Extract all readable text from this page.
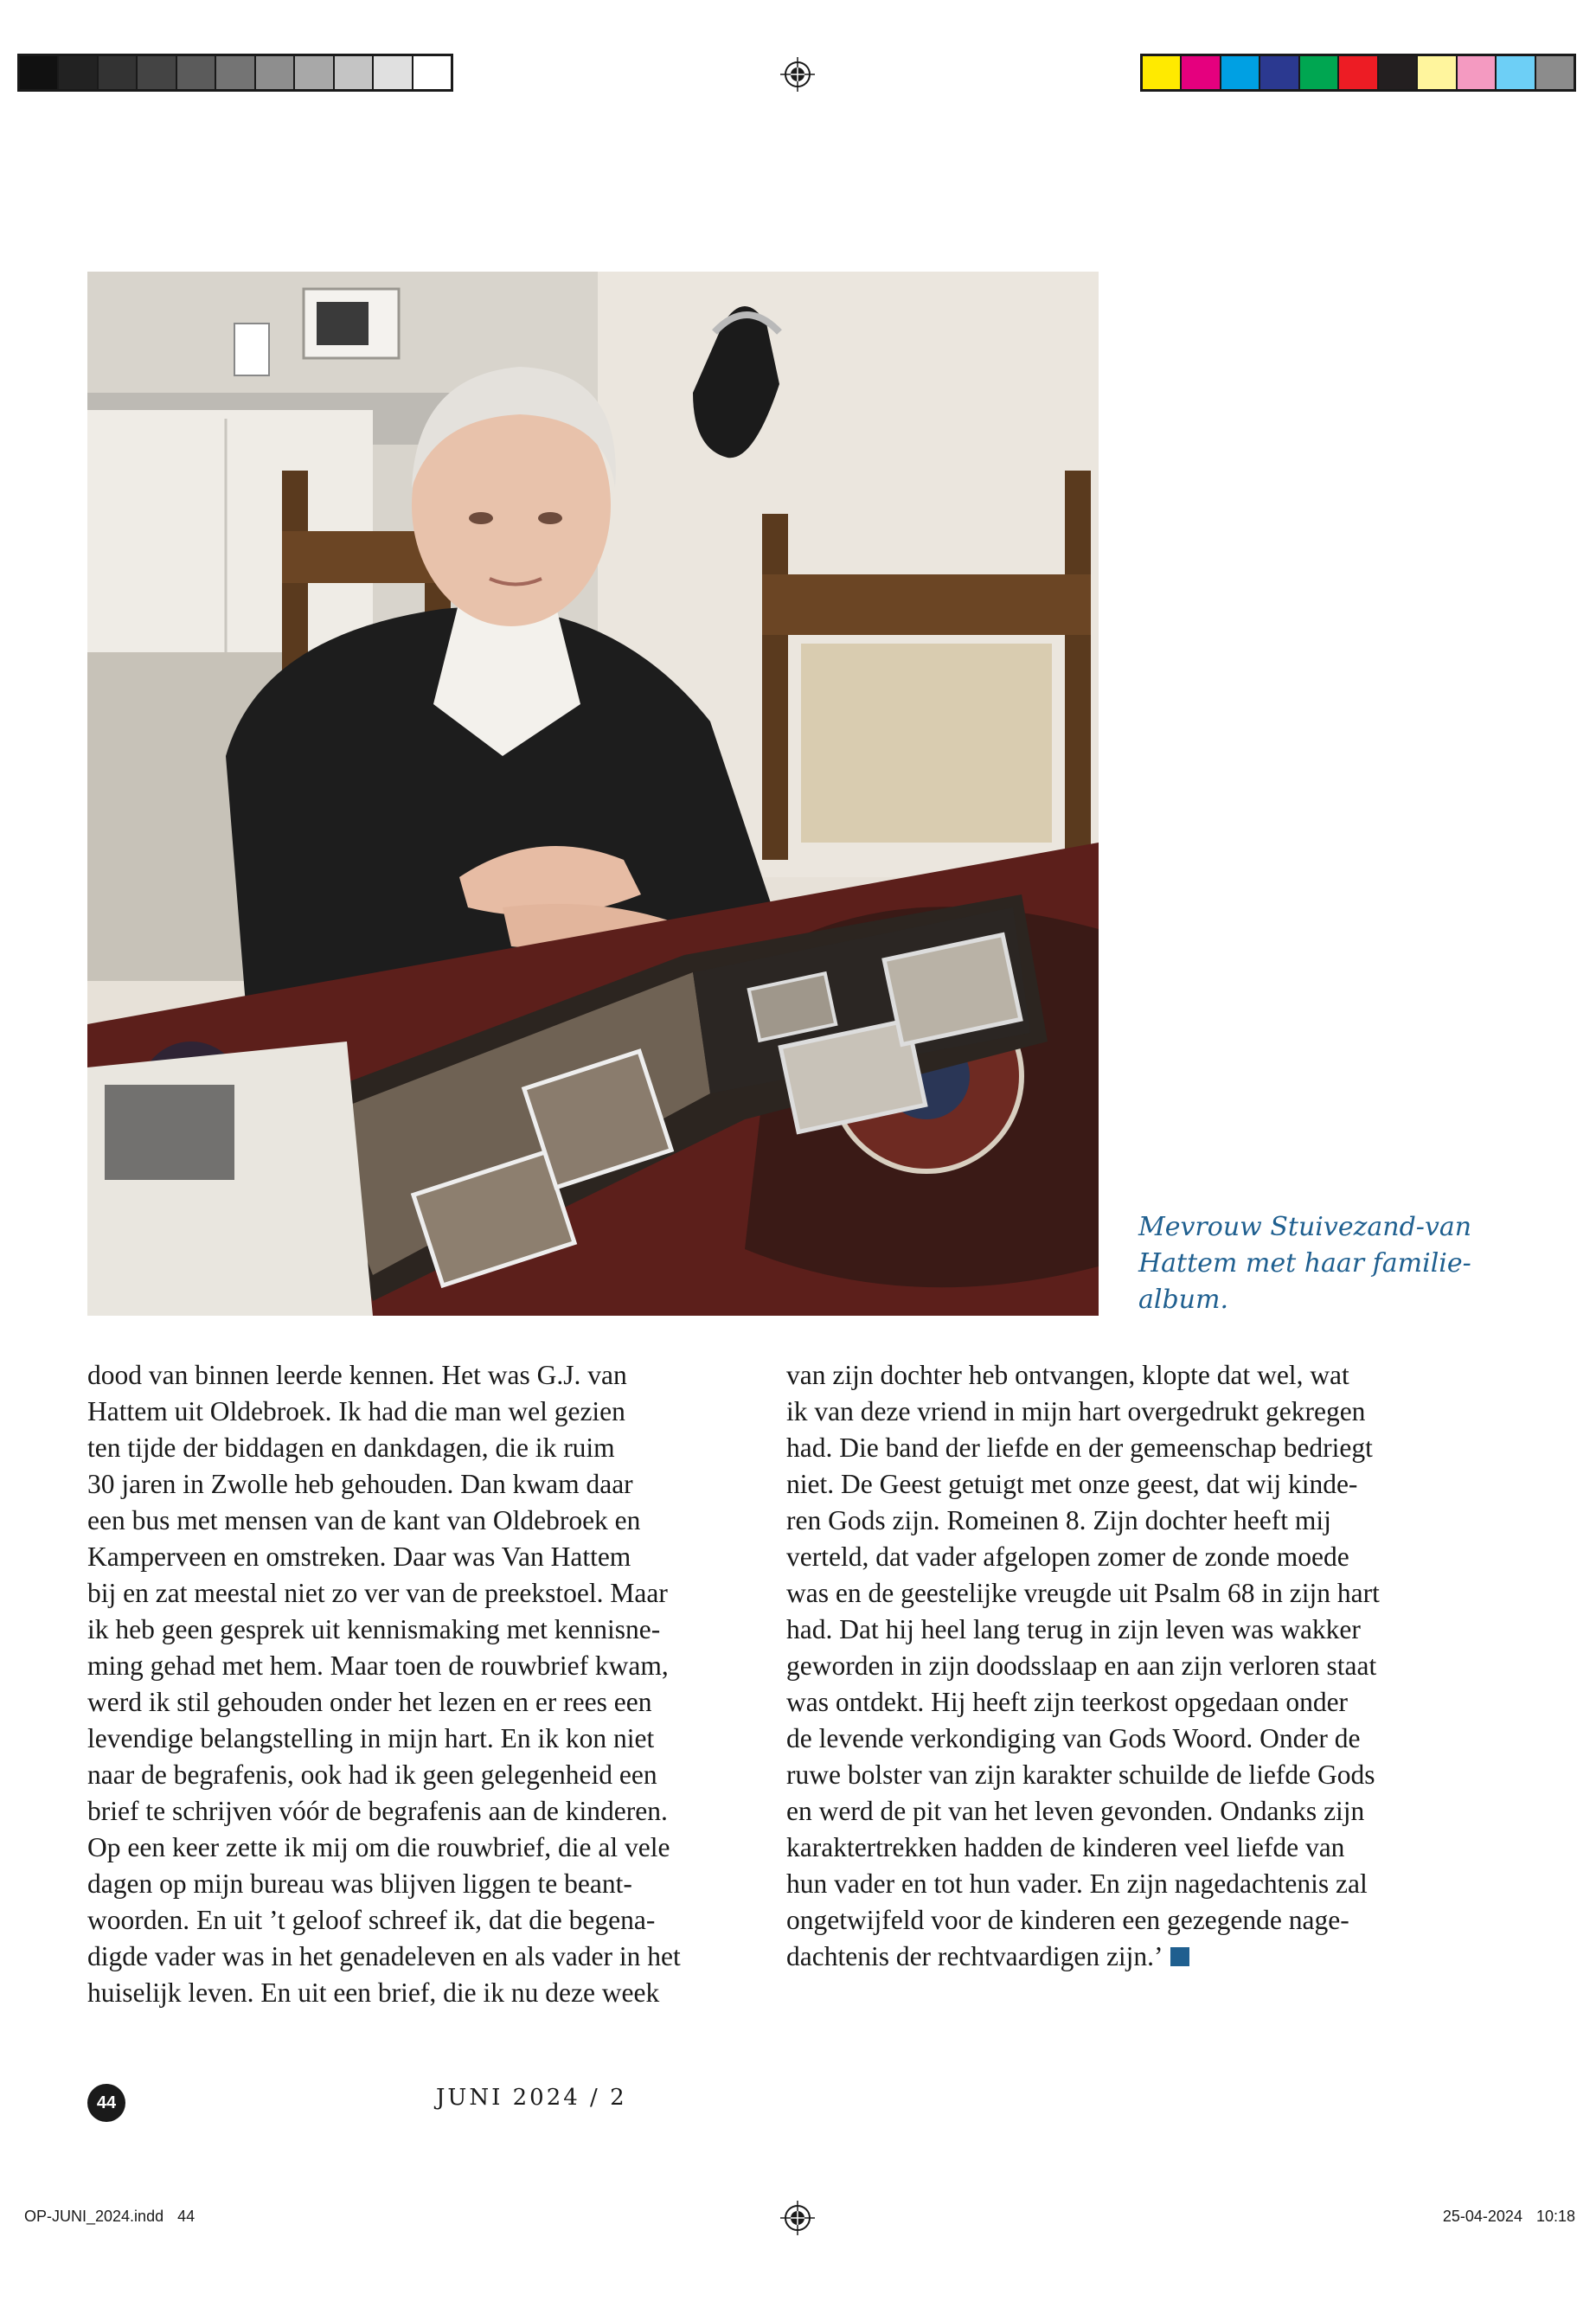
Mevrouw Stuivezand-van
Hattem met haar familie-
album.
dood van binnen leerde kennen. Het was G.J. van
Hattem uit Oldebroek. Ik had die man wel gezien
ten tijde der biddagen en dankdagen, die ik ruim
30 jaren in Zwolle heb gehouden. Dan kwam daar
een bus met mensen van de kant van Oldebroek en
Kamperveen en omstreken. Daar was Van Hattem
bij en zat meestal niet zo ver van de preekstoel. Maar
ik heb geen gesprek uit kennismaking met kennisne-
ming gehad met hem. Maar toen de rouwbrief kwam,
werd ik stil gehouden onder het lezen en er rees een
levendige belangstelling in mijn hart. En ik kon niet
naar de begrafenis, ook had ik geen gelegenheid een
brief te schrijven vóór de begrafenis aan de kinderen.
Op een keer zette ik mij om die rouwbrief, die al vele
dagen op mijn bureau was blijven liggen te beant-
woorden. En uit ’t geloof schreef ik, dat die begena-
digde vader was in het genadeleven en als vader in het
huiselijk leven. En uit een brief, die ik nu deze week
van zijn dochter heb ontvangen, klopte dat wel, wat
ik van deze vriend in mijn hart overgedrukt gekregen
had. Die band der liefde en der gemeenschap bedriegt
niet. De Geest getuigt met onze geest, dat wij kinde-
ren Gods zijn. Romeinen 8. Zijn dochter heeft mij
verteld, dat vader afgelopen zomer de zonde moede
was en de geestelijke vreugde uit Psalm 68 in zijn hart
had. Dat hij heel lang terug in zijn leven was wakker
geworden in zijn doodsslaap en aan zijn verloren staat
was ontdekt. Hij heeft zijn teerkost opgedaan onder
de levende verkondiging van Gods Woord. Onder de
ruwe bolster van zijn karakter schuilde de liefde Gods
en werd de pit van het leven gevonden. Ondanks zijn
karaktertrekken hadden de kinderen veel liefde van
hun vader en tot hun vader. En zijn nagedachtenis zal
ongetwijfeld voor de kinderen een gezegende nage-
dachtenis der rechtvaardigen zijn.’
44	JUNI 2024 / 2
OP-JUNI_2024.indd 44	25-04-2024 10:18
